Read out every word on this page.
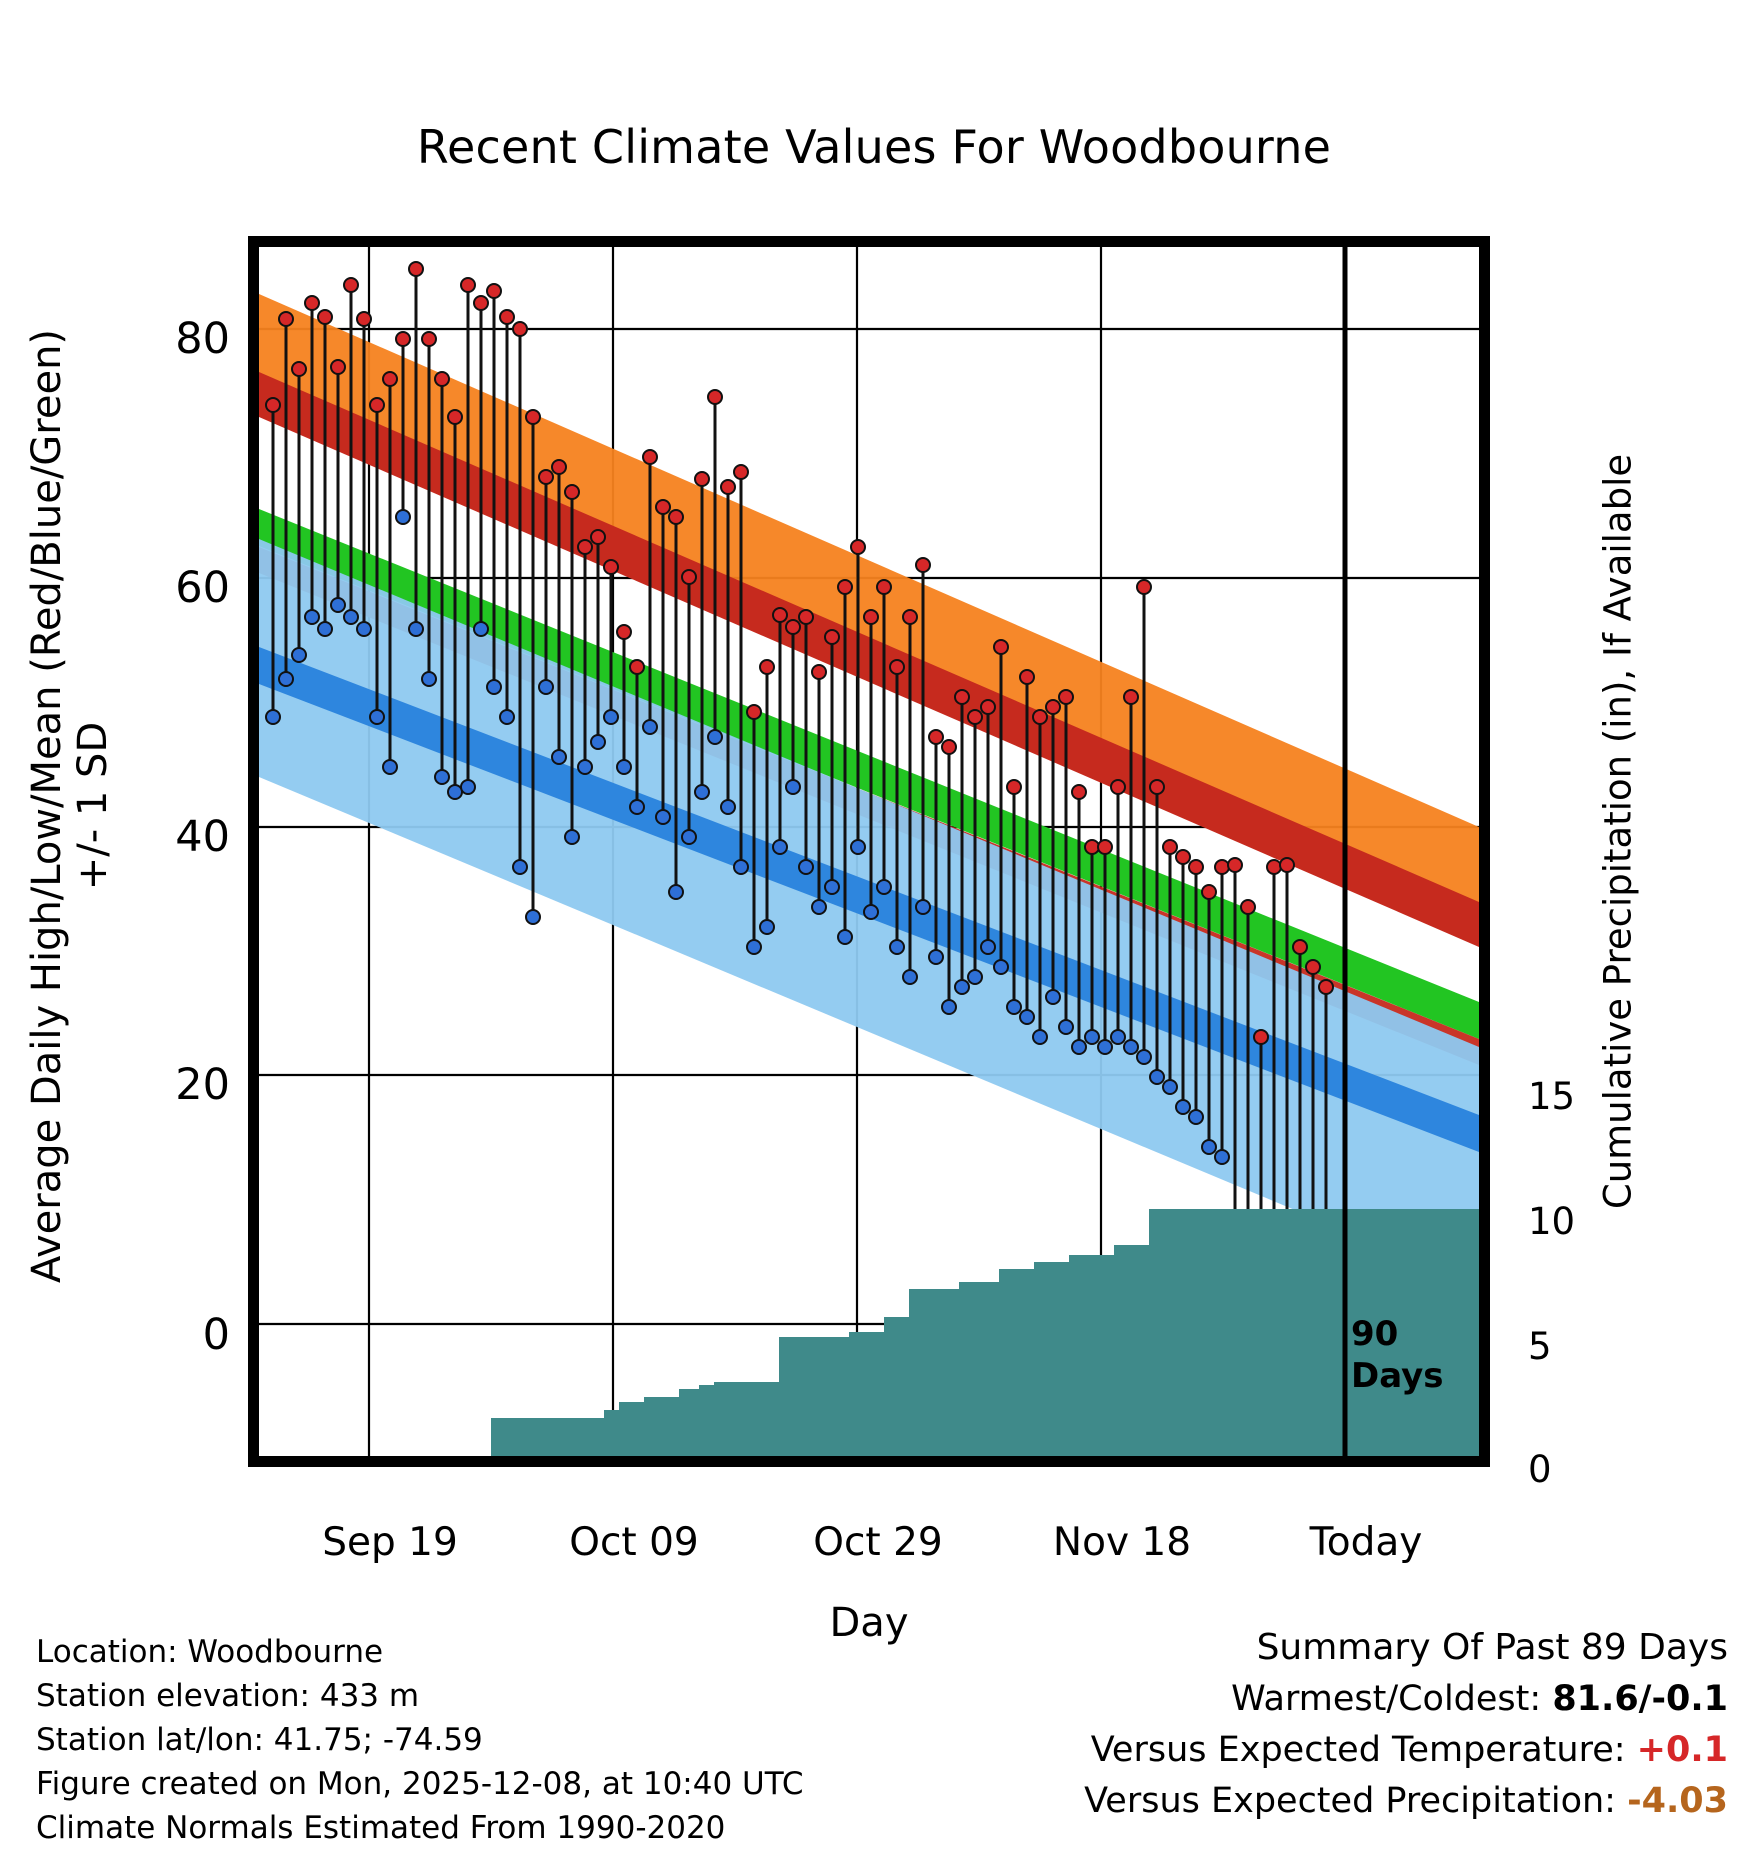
Recent Climate Values For Woodbourne
Average Daily High/Low/Mean (Red/Blue/Green) +/- 1 SD	Cumulative Precipitation (in), If Available
Day
0
20
40
60
80
0
5
10
15
Sep 19	Oct 09	Oct 29	Nov 18	Today
90
Days
Location: Woodbourne
Station elevation: 433 m
Station lat/lon: 41.75; -74.59
Figure created on Mon, 2025-12-08, at 10:40 UTC
Climate Normals Estimated From 1990-2020
Summary Of Past 89 Days
Warmest/Coldest: 81.6/-0.1
Versus Expected Temperature: +0.1
Versus Expected Precipitation: -4.03
